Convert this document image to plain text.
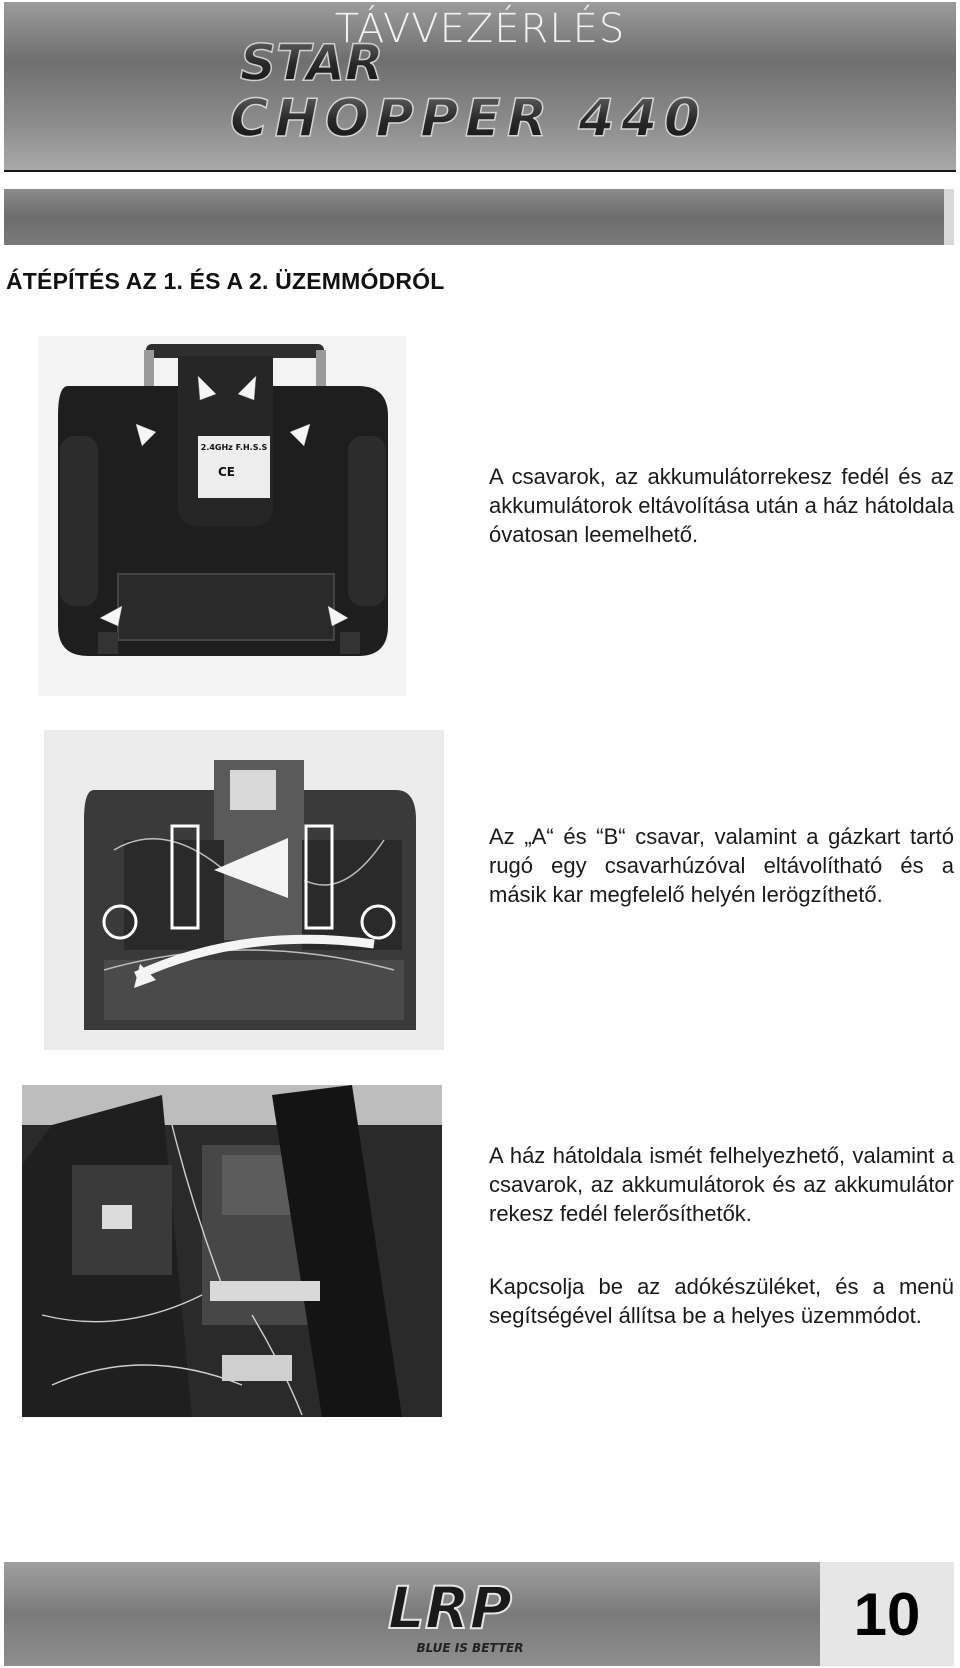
STAR
CHOPPER 440
TÁVVEZÉRLÉS
ÁTÉPÍTÉS AZ 1. ÉS A 2. ÜZEMMÓDRÓL
2.4GHz F.H.S.S
CE	A csavarok, az akkumulátorrekesz fedél és az akkumulátorok eltávolítása után a ház hátoldala óvatosan leemelhető.
Az „A“ és “B“ csavar, valamint a gázkart tartó rugó egy csavarhúzóval eltávolítható és a másik kar megfelelő helyén lerögzíthető.
A ház hátoldala ismét felhelyezhető, valamint a csavarok, az akkumulátorok és az akkumulátor rekesz fedél felerősíthetők.
Kapcsolja be az adókészüléket, és a menü segítségével állítsa be a helyes üzemmódot.
LRP
BLUE IS BETTER	10
